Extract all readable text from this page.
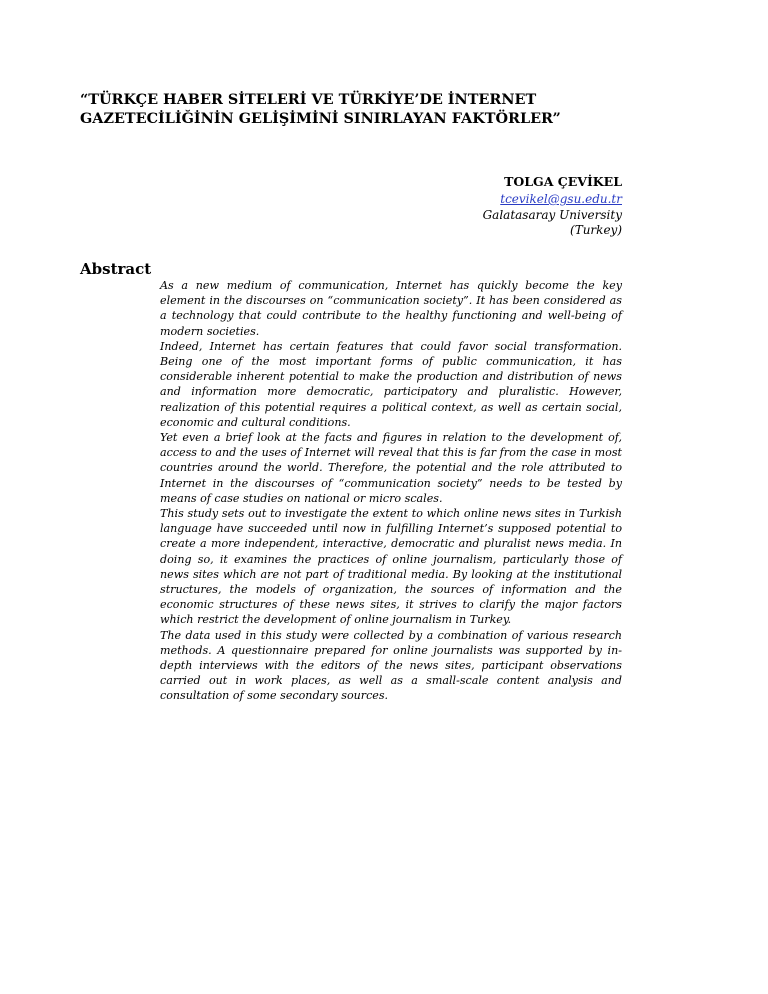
“TÜRKÇE HABER SİTELERİ VE TÜRKİYE’DE İNTERNET
GAZETECİLİĞİNİN GELİŞİMİNİ SINIRLAYAN FAKTÖRLER”
TOLGA ÇEVİKEL
tcevikel@gsu.edu.tr
Galatasaray University
(Turkey)
Abstract

As a new medium of communication, Internet has quickly become the key element in the discourses on “communication society”. It has been considered as a technology that could contribute to the healthy functioning and well-being of modern societies.

Indeed, Internet has certain features that could favor social transformation. Being one of the most important forms of public communication, it has considerable inherent potential to make the production and distribution of news and information more democratic, participatory and pluralistic. However, realization of this potential requires a political context, as well as certain social, economic and cultural conditions.

Yet even a brief look at the facts and figures in relation to the development of, access to and the uses of Internet will reveal that this is far from the case in most countries around the world. Therefore, the potential and the role attributed to Internet in the discourses of “communication society” needs to be tested by means of case studies on national or micro scales.

This study sets out to investigate the extent to which online news sites in Turkish language have succeeded until now in fulfilling Internet’s supposed potential to create a more independent, interactive, democratic and pluralist news media. In doing so, it examines the practices of online journalism, particularly those of news sites which are not part of traditional media. By looking at the institutional structures, the models of organization, the sources of information and the economic structures of these news sites, it strives to clarify the major factors which restrict the development of online journalism in Turkey.

The data used in this study were collected by a combination of various research methods. A questionnaire prepared for online journalists was supported by in-depth interviews with the editors of the news sites, participant observations carried out in work places, as well as a small-scale content analysis and consultation of some secondary sources.
